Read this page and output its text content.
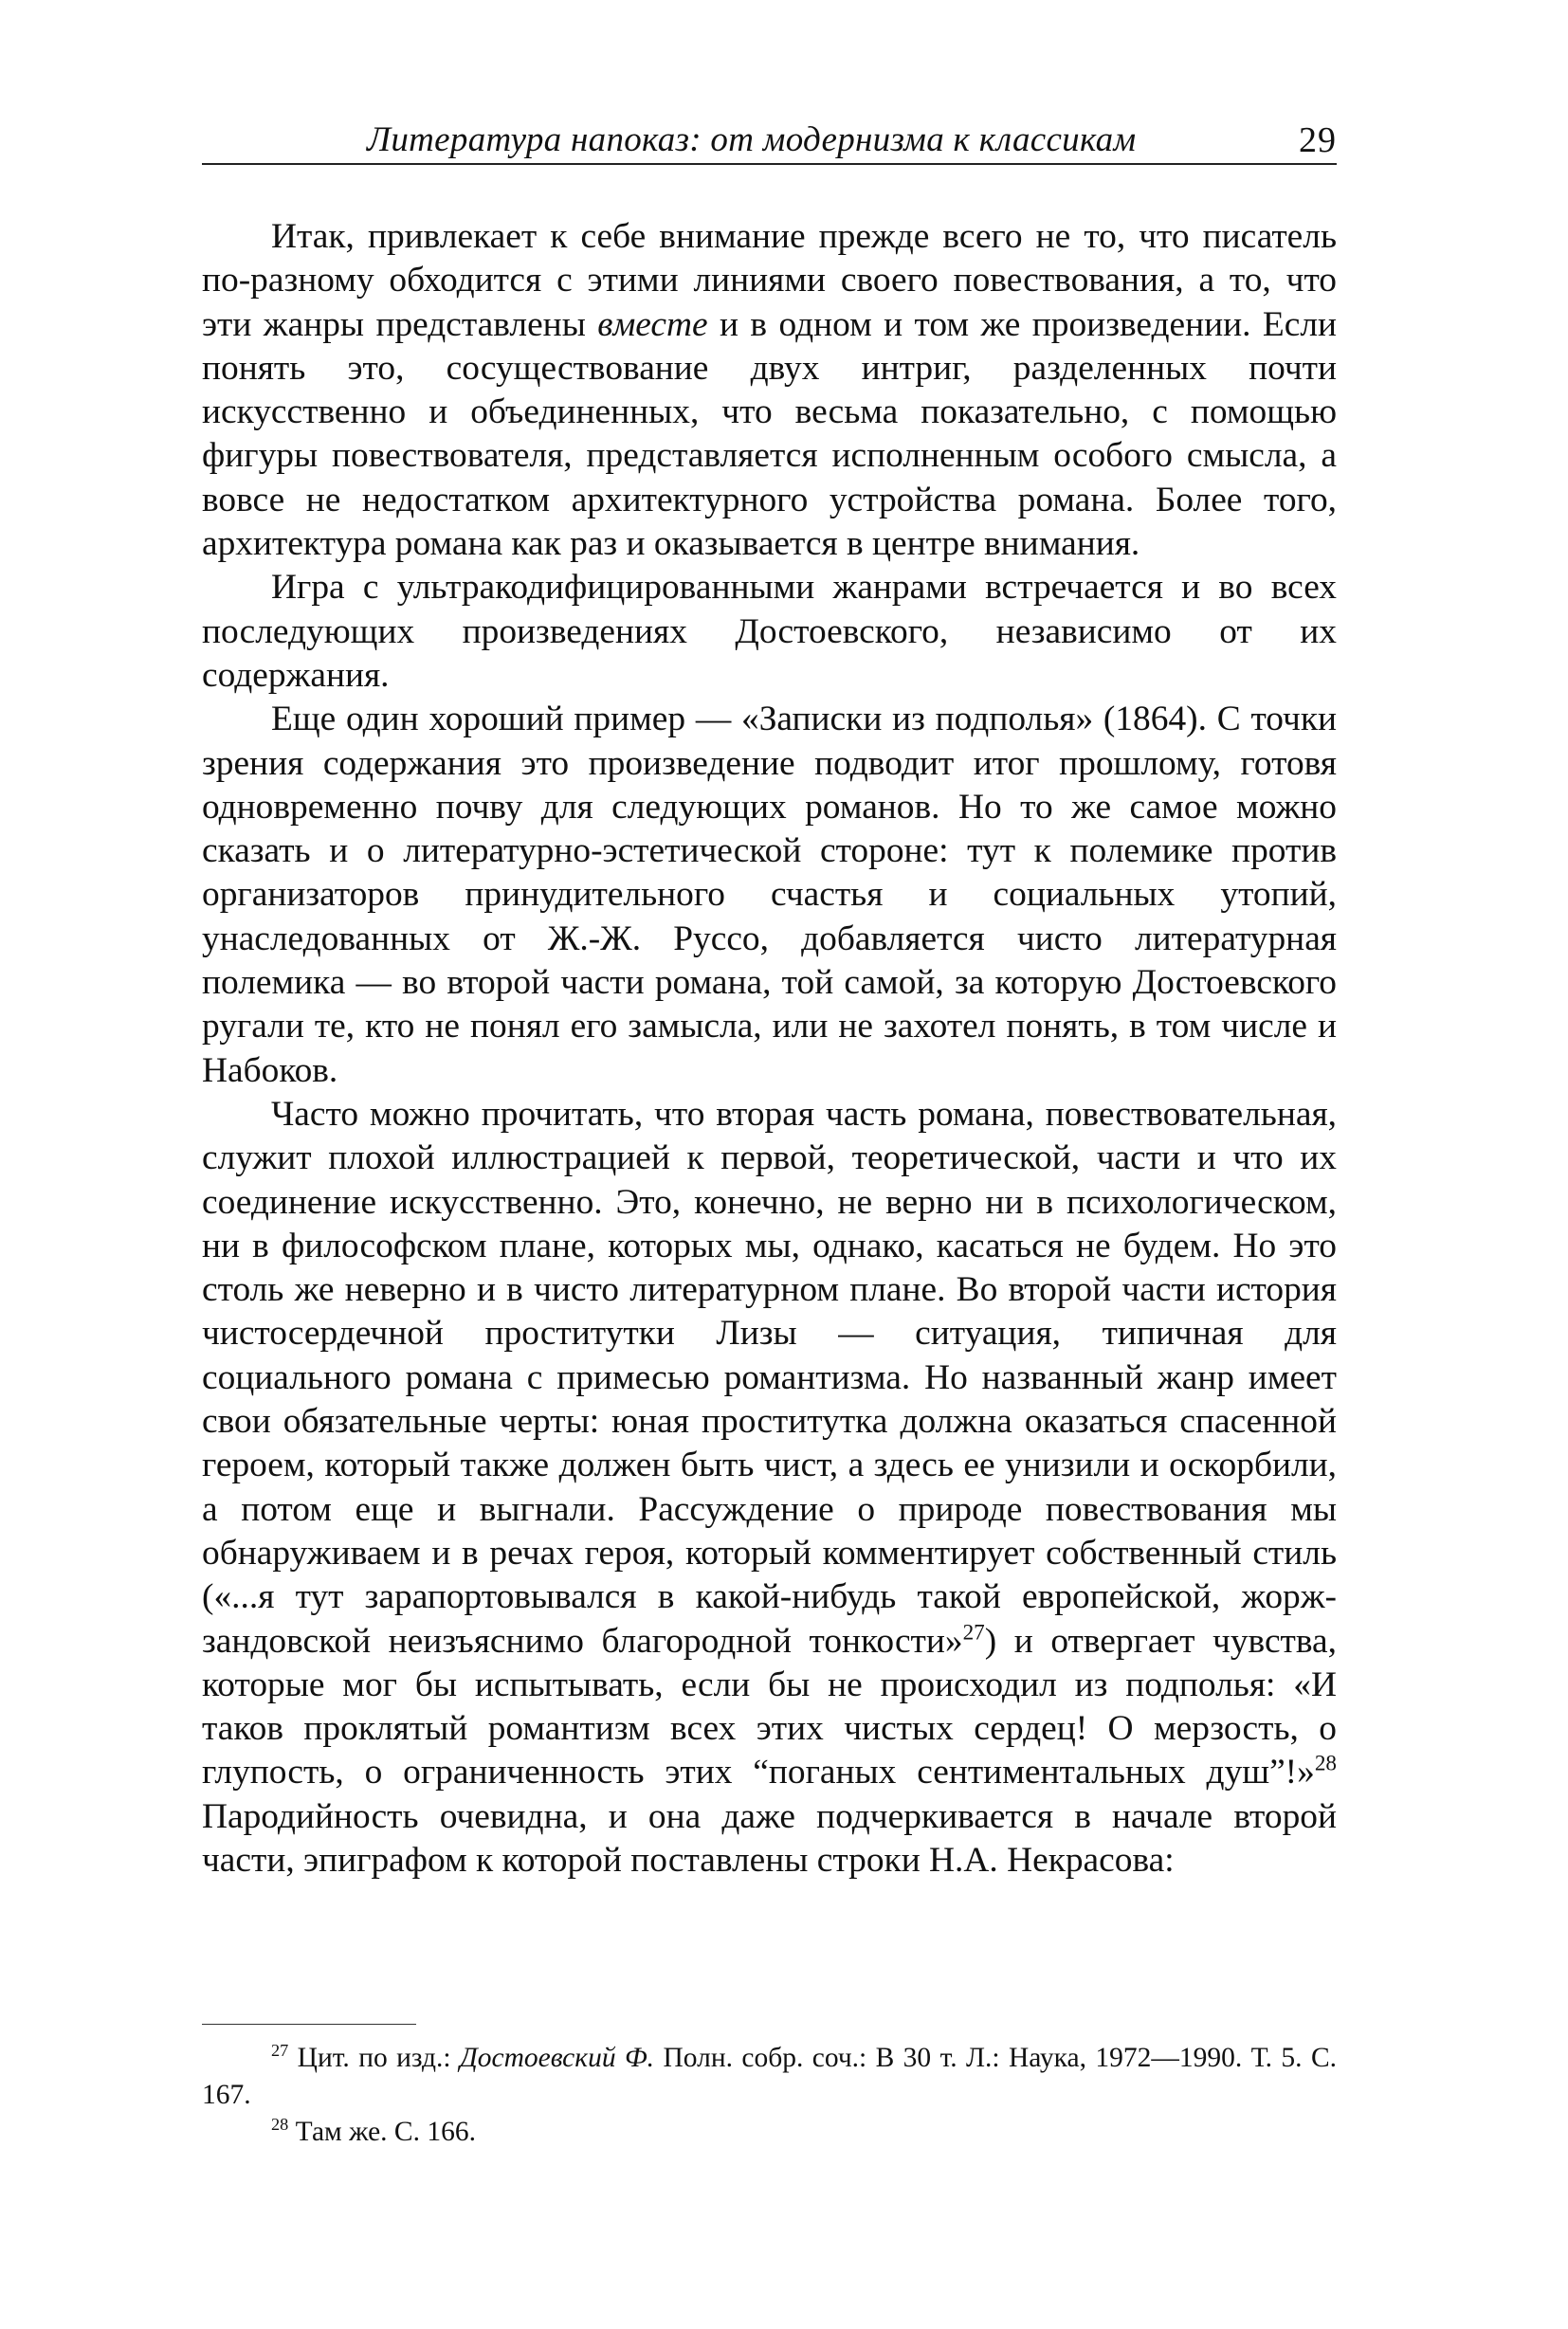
Литература напоказ: от модернизма к классикам	29

Итак, привлекает к себе внимание прежде всего не то, что писатель по-разному обходится с этими линиями своего повествования, а то, что эти жанры представлены вместе и в одном и том же произведении. Если понять это, сосуществование двух интриг, разделенных почти искусственно и объединенных, что весьма показательно, с помощью фигуры повествователя, представляется исполненным особого смысла, а вовсе не недостатком архитектурного устройства романа. Более того, архитектура романа как раз и оказывается в центре внимания.

Игра с ультракодифицированными жанрами встречается и во всех последующих произведениях Достоевского, независимо от их содержания.

Еще один хороший пример — «Записки из подполья» (1864). С точки зрения содержания это произведение подводит итог прошлому, готовя одновременно почву для следующих романов. Но то же самое можно сказать и о литературно-эстетической стороне: тут к полемике против организаторов принудительного счастья и социальных утопий, унаследованных от Ж.-Ж. Руссо, добавляется чисто литературная полемика — во второй части романа, той самой, за которую Достоевского ругали те, кто не понял его замысла, или не захотел понять, в том числе и Набоков.

Часто можно прочитать, что вторая часть романа, повествовательная, служит плохой иллюстрацией к первой, теоретической, части и что их соединение искусственно. Это, конечно, не верно ни в психологическом, ни в философском плане, которых мы, однако, касаться не будем. Но это столь же неверно и в чисто литературном плане. Во второй части история чистосердечной проститутки Лизы — ситуация, типичная для социального романа с примесью романтизма. Но названный жанр имеет свои обязательные черты: юная проститутка должна оказаться спасенной героем, который также должен быть чист, а здесь ее унизили и оскорбили, а потом еще и выгнали. Рассуждение о природе повествования мы обнаруживаем и в речах героя, который комментирует собственный стиль («...я тут зарапортовывался в какой-нибудь такой европейской, жорж-зандовской неизъяснимо благородной тонкости»$^{27}$) и отвергает чувства, которые мог бы испытывать, если бы не происходил из подполья: «И таков проклятый романтизм всех этих чистых сердец! О мерзость, о глупость, о ограниченность этих “поганых сентиментальных душ”!»$^{28}$ Пародийность очевидна, и она даже подчеркивается в начале второй части, эпиграфом к которой поставлены строки Н.А. Некрасова:

$^{27}$ Цит. по изд.: Достоевский Ф. Полн. собр. соч.: В 30 т. Л.: Наука, 1972—1990. Т. 5. С. 167.

$^{28}$ Там же. С. 166.
